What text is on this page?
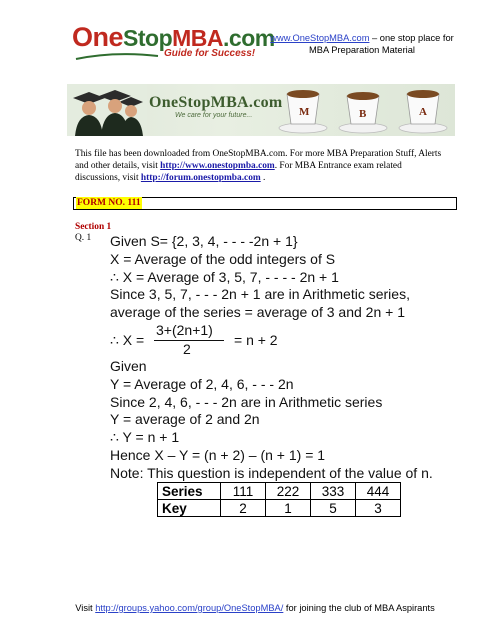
OneStopMBA.com
Guide for Success!
www.OneStopMBA.com – one stop place for
MBA Preparation Material
OneStopMBA.com
We care for your future...	M	B	A
This file has been downloaded from OneStopMBA.com. For more MBA Preparation Stuff, Alerts and other details, visit http://www.onestopmba.com. For MBA Entrance exam related discussions, visit http://forum.onestopmba.com .
FORM NO. 111
Section 1
Q. 1 Given S= {2, 3, 4, - - - -2n + 1}
X = Average of the odd integers of S
∴ X = Average of 3, 5, 7, - - - - 2n + 1
Since 3, 5, 7, - - - 2n + 1 are in Arithmetic series,
average of the series = average of 3 and 2n + 1
∴ X =
3+(2n+1)
2
= n + 2
Given
Y = Average of 2, 4, 6, - - - 2n
Since 2, 4, 6, - - - 2n are in Arithmetic series
Y = average of 2 and 2n
∴ Y = n + 1
Hence X – Y = (n + 2) – (n + 1) = 1
Note: This question is independent of the value of n.
Series	111	222	333	444
Key	2	1	5	3
Visit http://groups.yahoo.com/group/OneStopMBA/ for joining the club of MBA Aspirants
